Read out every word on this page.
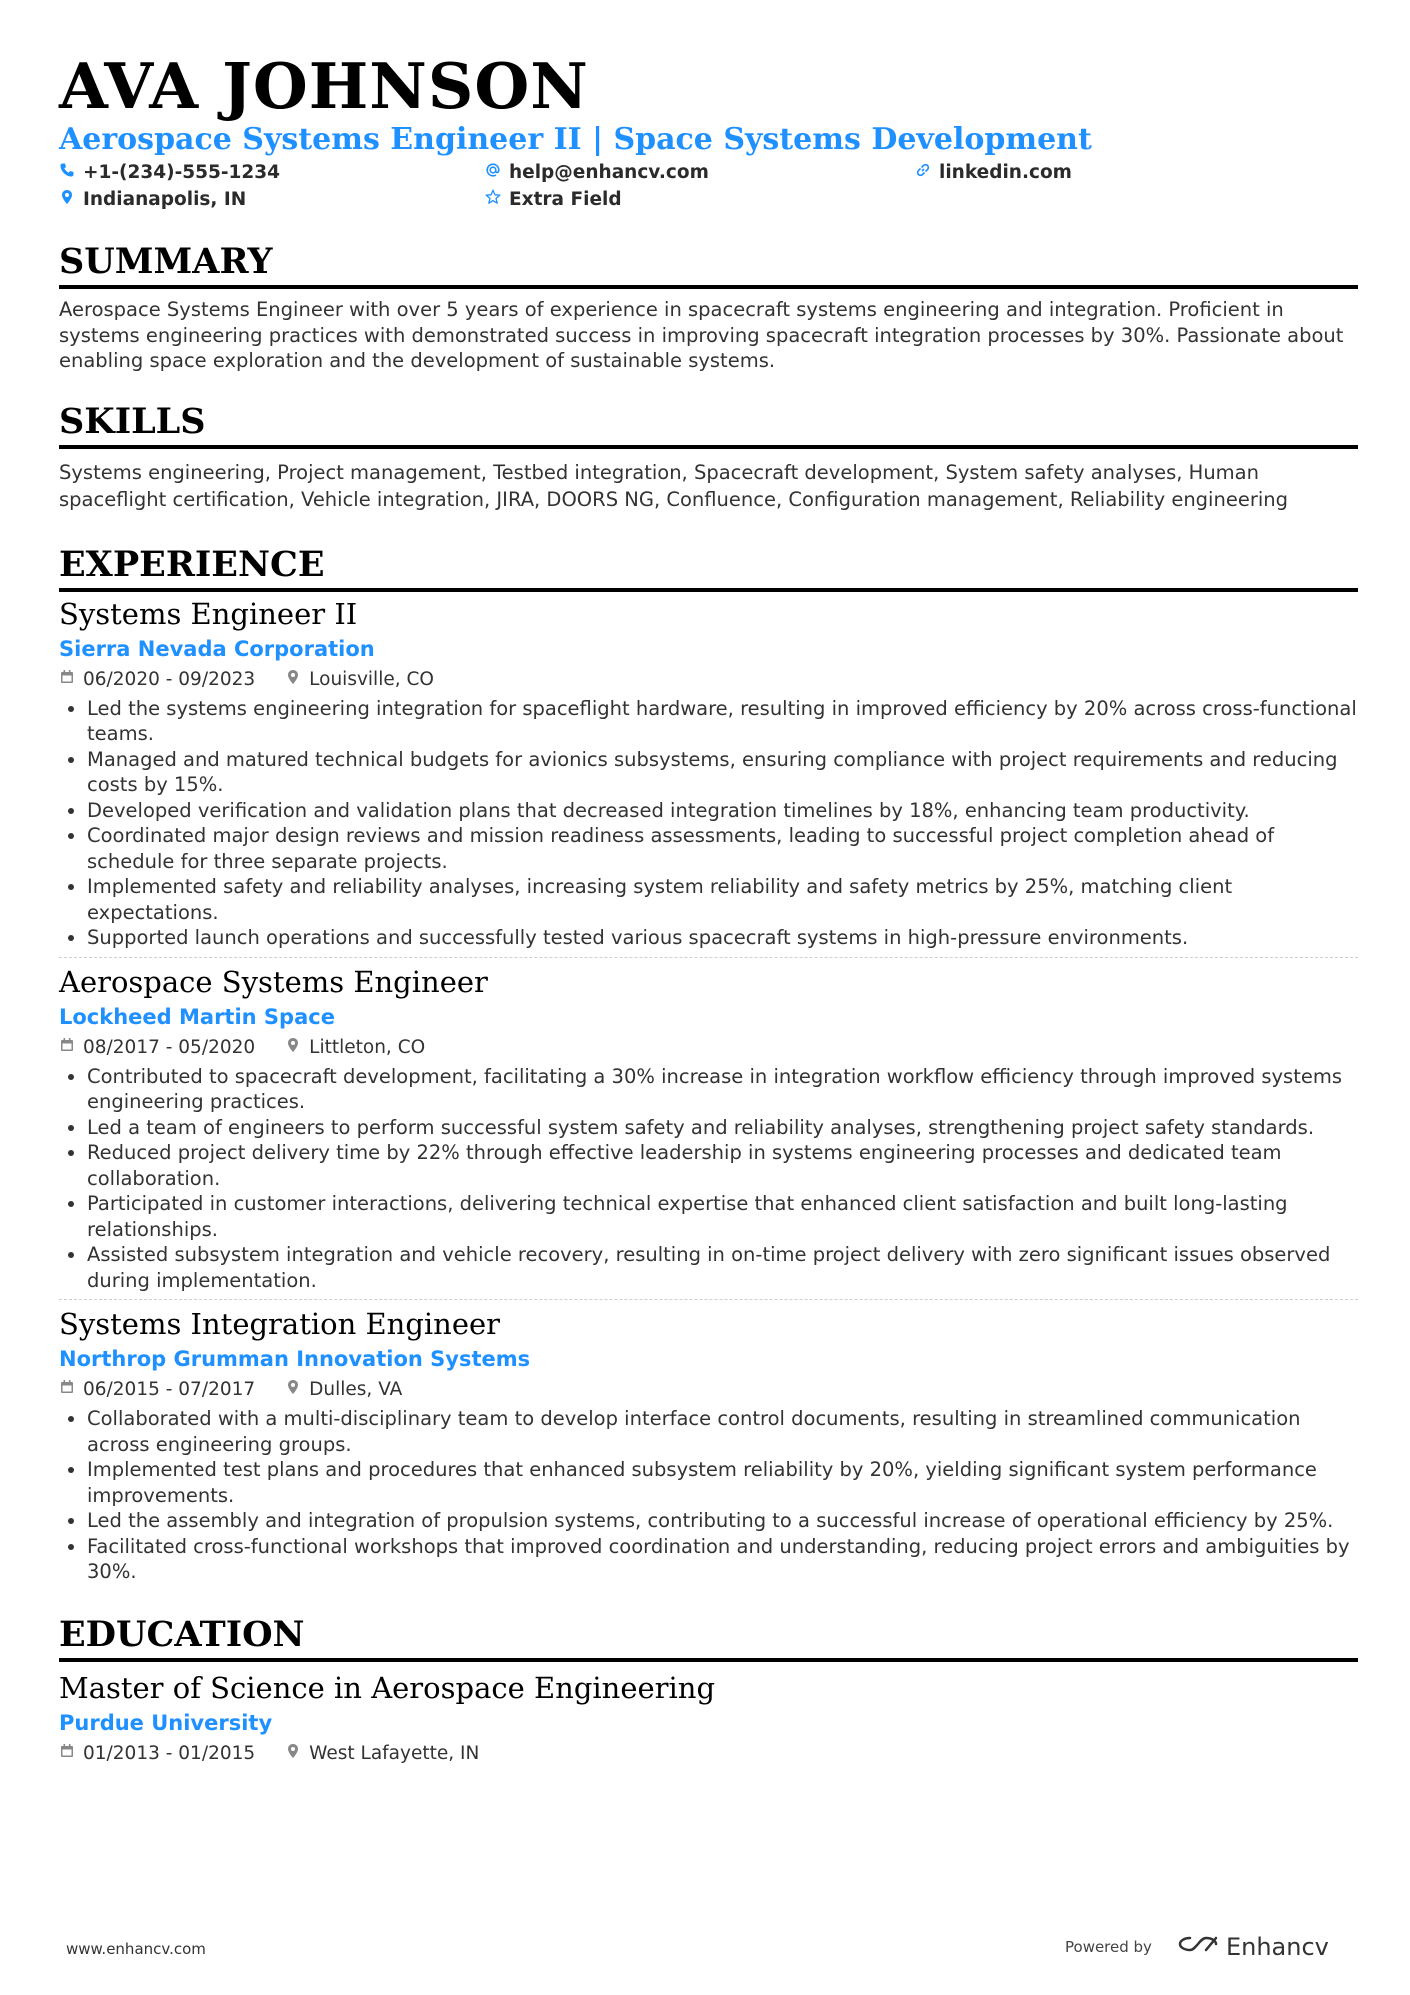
AVA JOHNSON
Aerospace Systems Engineer II | Space Systems Development
+1-(234)-555-1234	help@enhancv.com	linkedin.com
Indianapolis, IN	Extra Field
SUMMARY
Aerospace Systems Engineer with over 5 years of experience in spacecraft systems engineering and integration. Proficient in systems engineering practices with demonstrated success in improving spacecraft integration processes by 30%. Passionate about enabling space exploration and the development of sustainable systems.
SKILLS
Systems engineering, Project management, Testbed integration, Spacecraft development, System safety analyses, Human spaceflight certification, Vehicle integration, JIRA, DOORS NG, Confluence, Configuration management, Reliability engineering
EXPERIENCE
Systems Engineer II
Sierra Nevada Corporation
06/2020 - 09/2023	Louisville, CO
• Led the systems engineering integration for spaceflight hardware, resulting in improved efficiency by 20% across cross-functional teams.
• Managed and matured technical budgets for avionics subsystems, ensuring compliance with project requirements and reducing costs by 15%.
• Developed verification and validation plans that decreased integration timelines by 18%, enhancing team productivity.
• Coordinated major design reviews and mission readiness assessments, leading to successful project completion ahead of schedule for three separate projects.
• Implemented safety and reliability analyses, increasing system reliability and safety metrics by 25%, matching client expectations.
• Supported launch operations and successfully tested various spacecraft systems in high-pressure environments.
Aerospace Systems Engineer
Lockheed Martin Space
08/2017 - 05/2020	Littleton, CO
• Contributed to spacecraft development, facilitating a 30% increase in integration workflow efficiency through improved systems engineering practices.
• Led a team of engineers to perform successful system safety and reliability analyses, strengthening project safety standards.
• Reduced project delivery time by 22% through effective leadership in systems engineering processes and dedicated team collaboration.
• Participated in customer interactions, delivering technical expertise that enhanced client satisfaction and built long-lasting relationships.
• Assisted subsystem integration and vehicle recovery, resulting in on-time project delivery with zero significant issues observed during implementation.
Systems Integration Engineer
Northrop Grumman Innovation Systems
06/2015 - 07/2017	Dulles, VA
• Collaborated with a multi-disciplinary team to develop interface control documents, resulting in streamlined communication across engineering groups.
• Implemented test plans and procedures that enhanced subsystem reliability by 20%, yielding significant system performance improvements.
• Led the assembly and integration of propulsion systems, contributing to a successful increase of operational efficiency by 25%.
• Facilitated cross-functional workshops that improved coordination and understanding, reducing project errors and ambiguities by 30%.
EDUCATION
Master of Science in Aerospace Engineering
Purdue University
01/2013 - 01/2015	West Lafayette, IN
www.enhancv.com	Powered by	Enhancv
